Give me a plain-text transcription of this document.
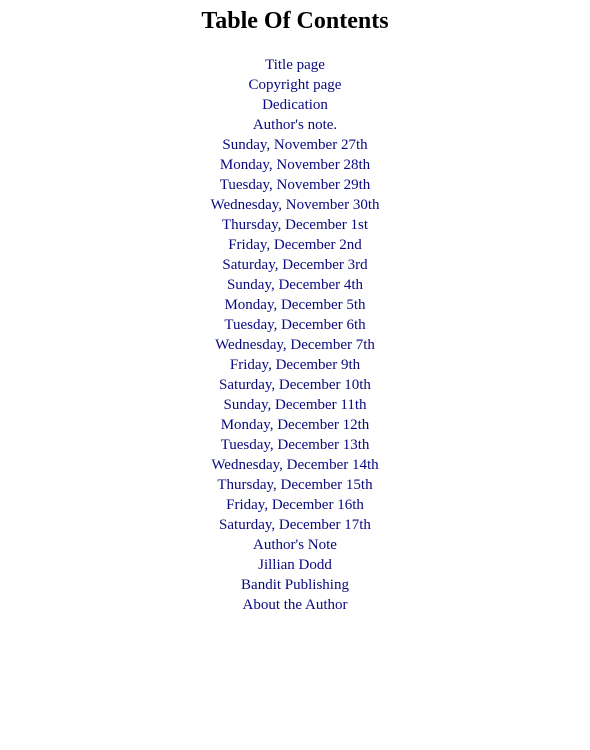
Table Of Contents
Title page
Copyright page
Dedication
Author's note.
Sunday, November 27th
Monday, November 28th
Tuesday, November 29th
Wednesday, November 30th
Thursday, December 1st
Friday, December 2nd
Saturday, December 3rd
Sunday, December 4th
Monday, December 5th
Tuesday, December 6th
Wednesday, December 7th
Friday, December 9th
Saturday, December 10th
Sunday, December 11th
Monday, December 12th
Tuesday, December 13th
Wednesday, December 14th
Thursday, December 15th
Friday, December 16th
Saturday, December 17th
Author's Note
Jillian Dodd
Bandit Publishing
About the Author
